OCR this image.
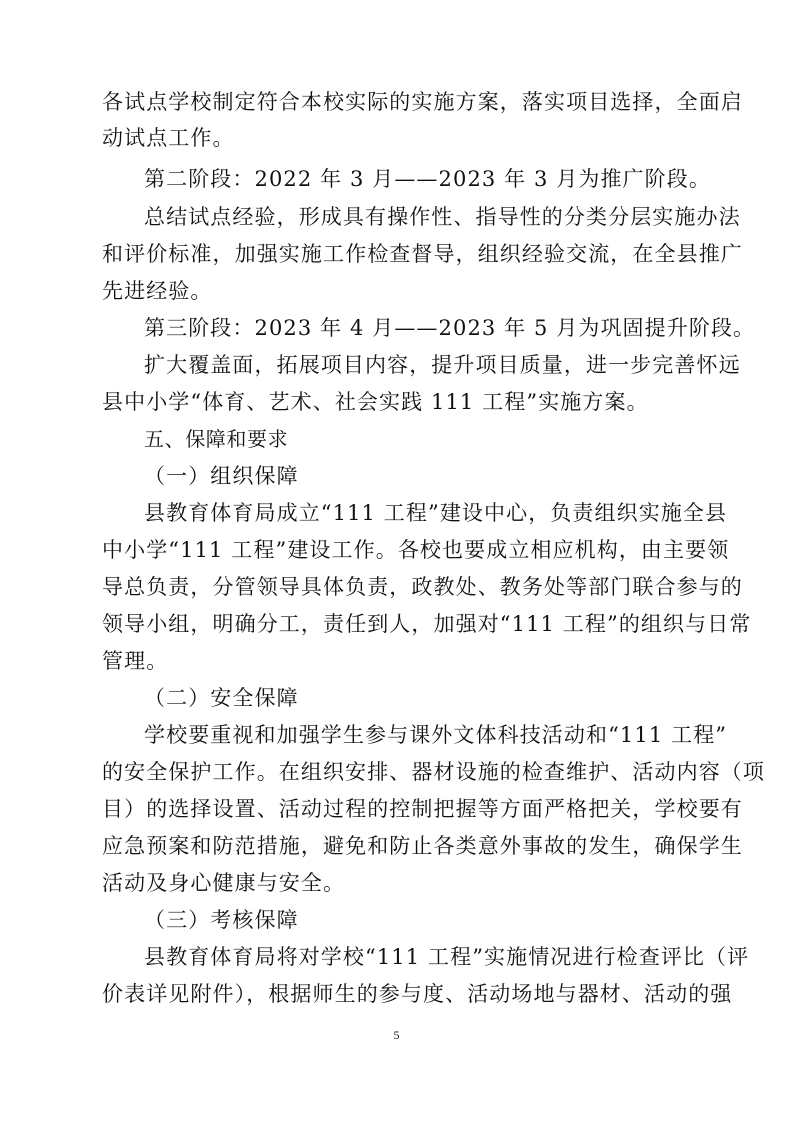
各试点学校制定符合本校实际的实施方案，落实项目选择，全面启
动试点工作。
第二阶段：2022 年 3 月——2023 年 3 月为推广阶段。
总结试点经验，形成具有操作性、指导性的分类分层实施办法
和评价标准，加强实施工作检查督导，组织经验交流，在全县推广
先进经验。
第三阶段：2023 年 4 月——2023 年 5 月为巩固提升阶段。
扩大覆盖面，拓展项目内容，提升项目质量，进一步完善怀远
县中小学“体育、艺术、社会实践 111 工程”实施方案。
五、保障和要求
（一）组织保障
县教育体育局成立“111 工程”建设中心，负责组织实施全县
中小学“111 工程”建设工作。各校也要成立相应机构，由主要领
导总负责，分管领导具体负责，政教处、教务处等部门联合参与的
领导小组，明确分工，责任到人，加强对“111 工程”的组织与日常
管理。
（二）安全保障
学校要重视和加强学生参与课外文体科技活动和“111 工程”
的安全保护工作。在组织安排、器材设施的检查维护、活动内容（项
目）的选择设置、活动过程的控制把握等方面严格把关，学校要有
应急预案和防范措施，避免和防止各类意外事故的发生，确保学生
活动及身心健康与安全。
（三）考核保障
县教育体育局将对学校“111 工程”实施情况进行检查评比（评
价表详见附件），根据师生的参与度、活动场地与器材、活动的强
5
